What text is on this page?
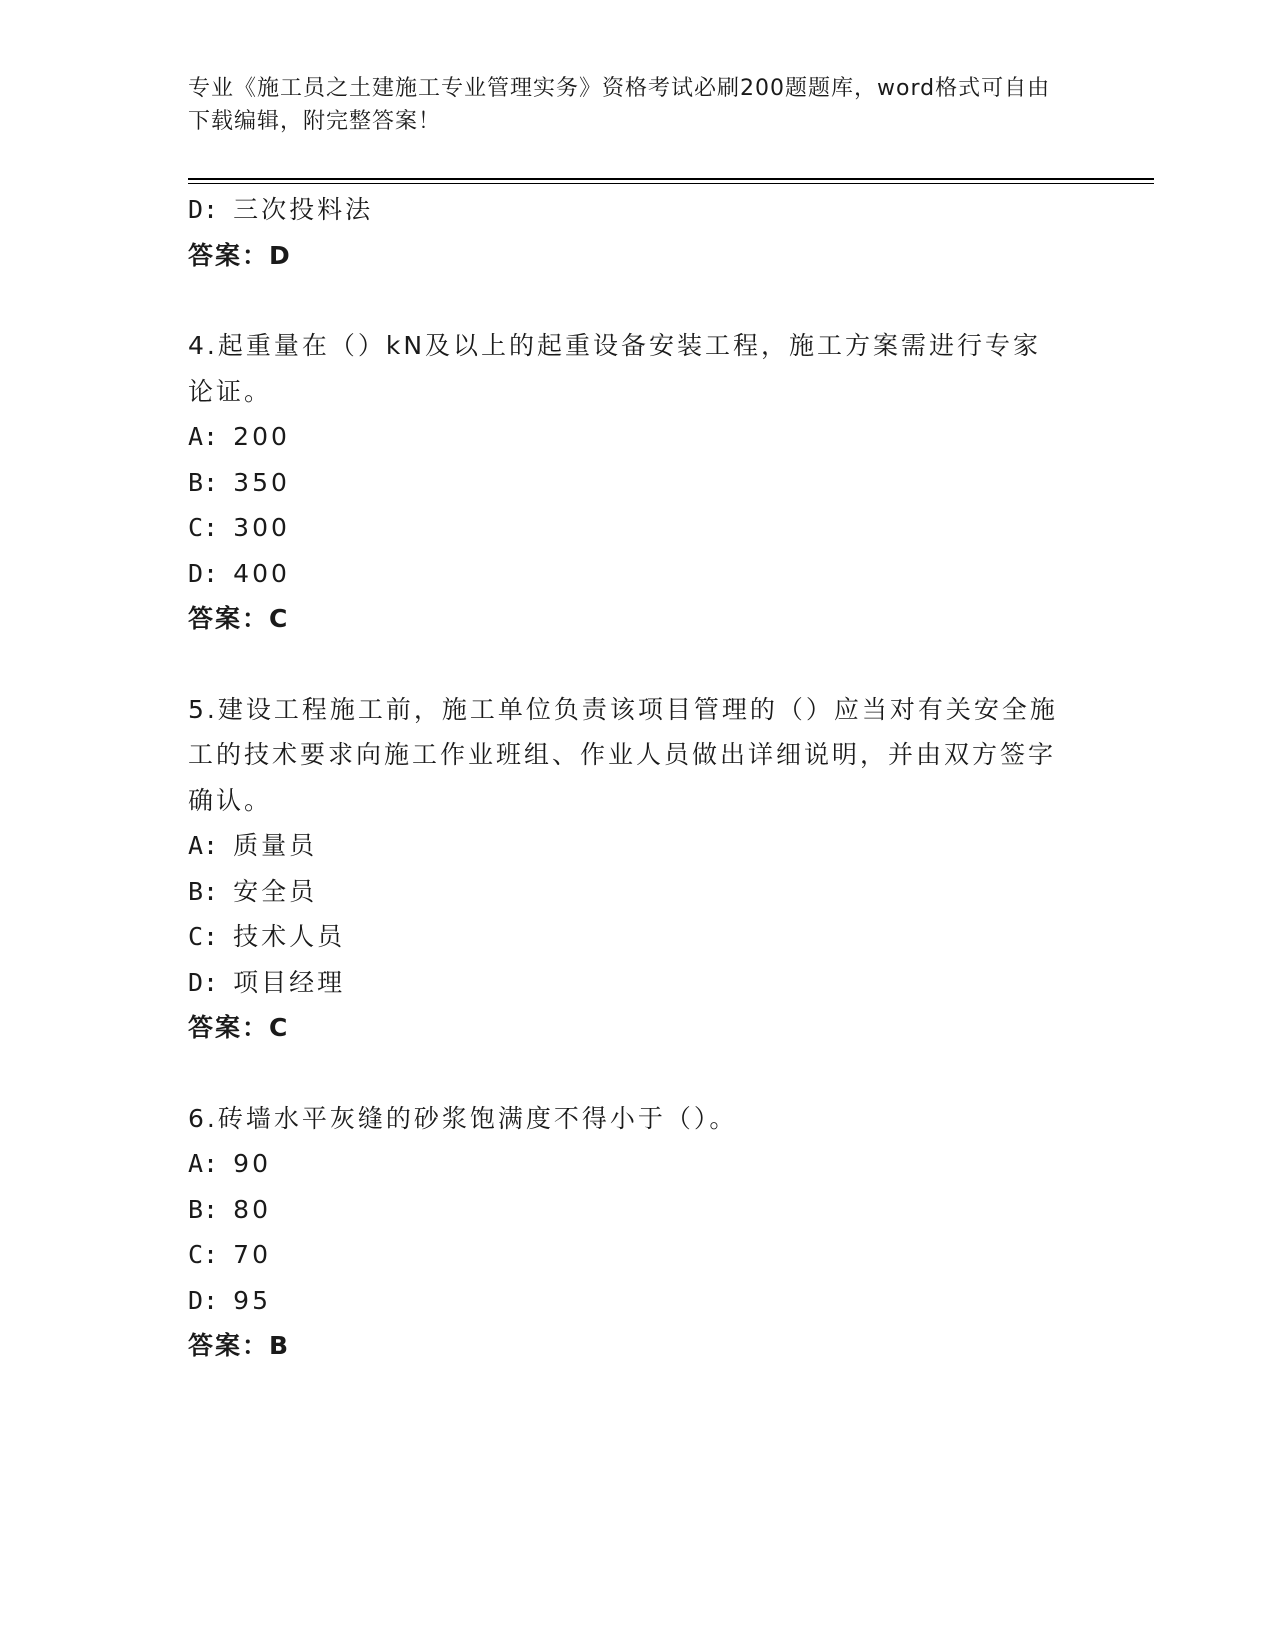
专业《施工员之土建施工专业管理实务》资格考试必刷200题题库，word格式可自由下载编辑，附完整答案！
D: 三次投料法
答案：D
4.起重量在（）kN及以上的起重设备安装工程，施工方案需进行专家论证。
A: 200
B: 350
C: 300
D: 400
答案：C
5.建设工程施工前，施工单位负责该项目管理的（）应当对有关安全施工的技术要求向施工作业班组、作业人员做出详细说明，并由双方签字确认。
A: 质量员
B: 安全员
C: 技术人员
D: 项目经理
答案：C
6.砖墙水平灰缝的砂浆饱满度不得小于（）。
A: 90
B: 80
C: 70
D: 95
答案：B
